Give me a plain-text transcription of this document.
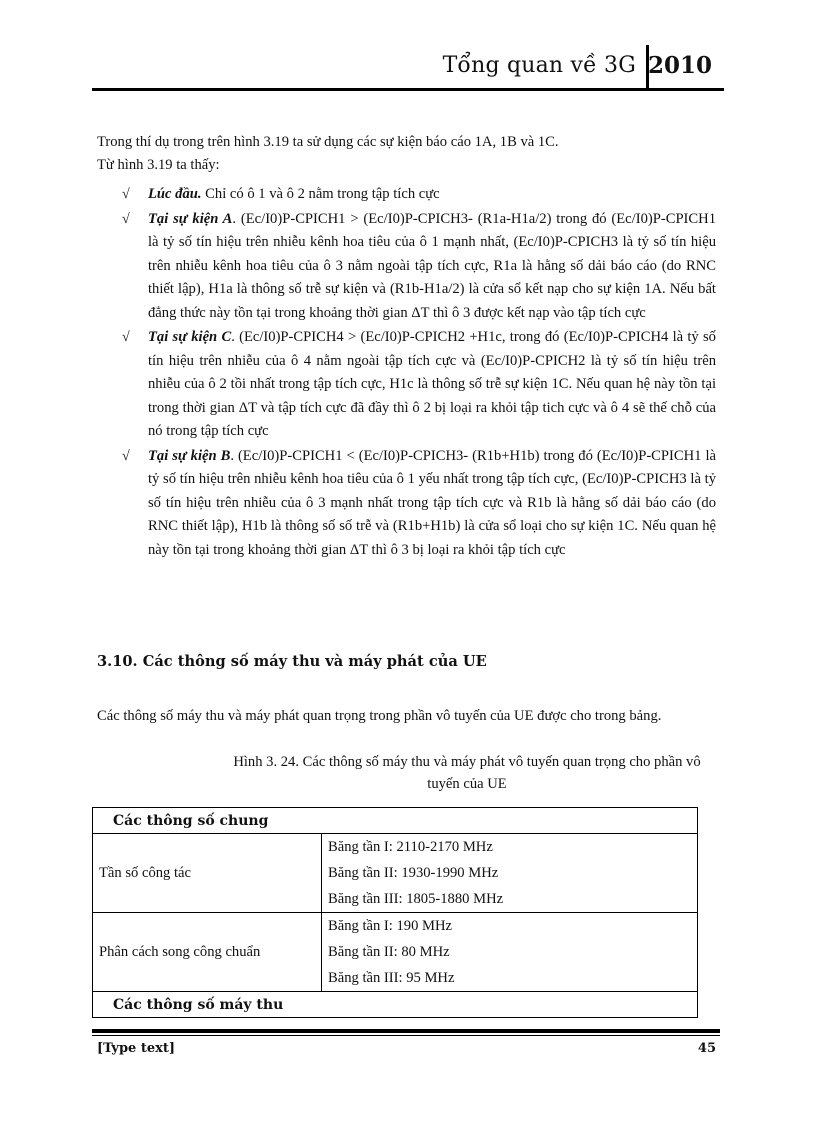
Tổng quan về 3G 2010
Trong thí dụ trong trên hình 3.19 ta sử dụng các sự kiện báo cáo 1A, 1B và 1C.
Từ hình 3.19 ta thấy:
√ Lúc đầu. Chỉ có ô 1 và ô 2 nằm trong tập tích cực
√ Tại sự kiện A. (Ec/I0)P-CPICH1 > (Ec/I0)P-CPICH3- (R1a-H1a/2) trong đó (Ec/I0)P-CPICH1 là tỷ số tín hiệu trên nhiễu kênh hoa tiêu của ô 1 mạnh nhất, (Ec/I0)P-CPICH3 là tỷ số tín hiệu trên nhiễu kênh hoa tiêu của ô 3 nằm ngoài tập tích cực, R1a là hằng số dải báo cáo (do RNC thiết lập), H1a là thông số trễ sự kiện và (R1b-H1a/2) là cửa sổ kết nạp cho sự kiện 1A. Nếu bất đẳng thức này tồn tại trong khoảng thời gian ΔT thì ô 3 được kết nạp vào tập tích cực
√ Tại sự kiện C. (Ec/I0)P-CPICH4 > (Ec/I0)P-CPICH2 +H1c, trong đó (Ec/I0)P-CPICH4 là tỷ số tín hiệu trên nhiễu của ô 4 nằm ngoài tập tích cực và (Ec/I0)P-CPICH2 là tỷ số tín hiệu trên nhiễu của ô 2 tồi nhất trong tập tích cực, H1c là thông số trễ sự kiện 1C. Nếu quan hệ này tồn tại trong thời gian ΔT và tập tích cực đã đầy thì ô 2 bị loại ra khỏi tập tich cực và ô 4 sẽ thế chỗ của nó trong tập tích cực
√ Tại sự kiện B. (Ec/I0)P-CPICH1 < (Ec/I0)P-CPICH3- (R1b+H1b) trong đó (Ec/I0)P-CPICH1 là tỷ số tín hiệu trên nhiễu kênh hoa tiêu của ô 1 yếu nhất trong tập tích cực, (Ec/I0)P-CPICH3 là tỷ số tín hiệu trên nhiễu của ô 3 mạnh nhất trong tập tích cực và R1b là hằng số dải báo cáo (do RNC thiết lập), H1b là thông số số trễ và (R1b+H1b) là cửa sổ loại cho sự kiện 1C. Nếu quan hệ này tồn tại trong khoảng thời gian ΔT thì ô 3 bị loại ra khỏi tập tích cực
3.10. Các thông số máy thu và máy phát của UE
Các thông số máy thu và máy phát quan trọng trong phần vô tuyến của UE được cho trong bảng.
Hình 3. 24. Các thông số máy thu và máy phát vô tuyến quan trọng cho phần vô
tuyến của UE
Các thông số chung	
Tần số công tác	Băng tần I: 2110-2170 MHz
Băng tần II: 1930-1990 MHz
Băng tần III: 1805-1880 MHz

Phân cách song công chuẩn	Băng tần I: 190 MHz
Băng tần II: 80 MHz
Băng tần III: 95 MHz

Các thông số máy thu	
[Type text]	45
